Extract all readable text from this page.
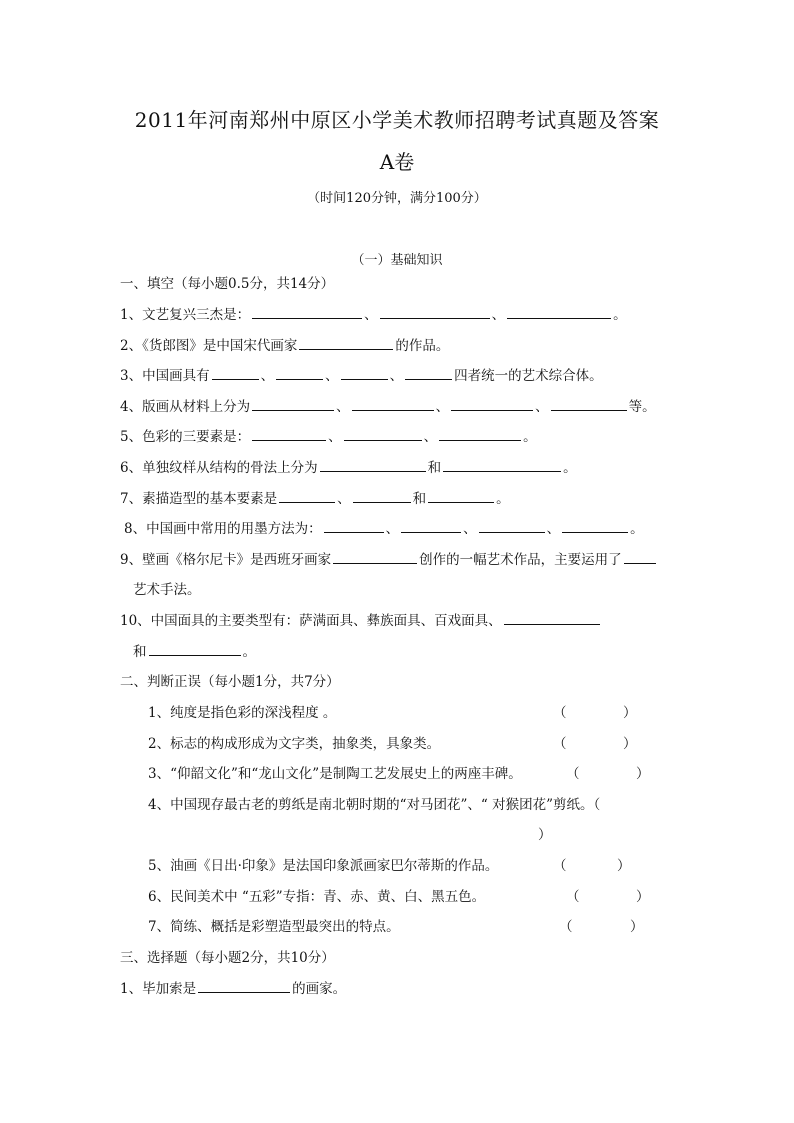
2011年河南郑州中原区小学美术教师招聘考试真题及答案
A卷
（时间120分钟，满分100分）
（一）基础知识
一、填空（每小题0.5分，共14分）
1、文艺复兴三杰是：	、	、	。
2、《货郎图》是中国宋代画家	的作品。
3、中国画具有	、	、	、	四者统一的艺术综合体。
4、版画从材料上分为	、	、	、	等。
5、色彩的三要素是：	、	、	。
6、单独纹样从结构的骨法上分为	和	。
7、素描造型的基本要素是	、	和	。
8、中国画中常用的用墨方法为：	、	、	、	。
9、壁画《格尔尼卡》是西班牙画家	创作的一幅艺术作品，主要运用了
艺术手法。
10、中国面具的主要类型有：萨满面具、彝族面具、百戏面具、
和	。
二、判断正误（每小题1分，共7分）
1、纯度是指色彩的深浅程度 。	（	）
2、标志的构成形成为文字类，抽象类，具象类。	（	）
3、“仰韶文化”和“龙山文化”是制陶工艺发展史上的两座丰碑。	（	）
4、中国现存最古老的剪纸是南北朝时期的“对马团花”、“ 对猴团花”剪纸。（
）
5、油画《日出·印象》是法国印象派画家巴尔蒂斯的作品。	（	）
6、民间美术中 “五彩”专指：青、赤、黄、白、黑五色。	（	）
7、简练、概括是彩塑造型最突出的特点。	（	）
三、选择题（每小题2分，共10分）
1、毕加索是	的画家。
